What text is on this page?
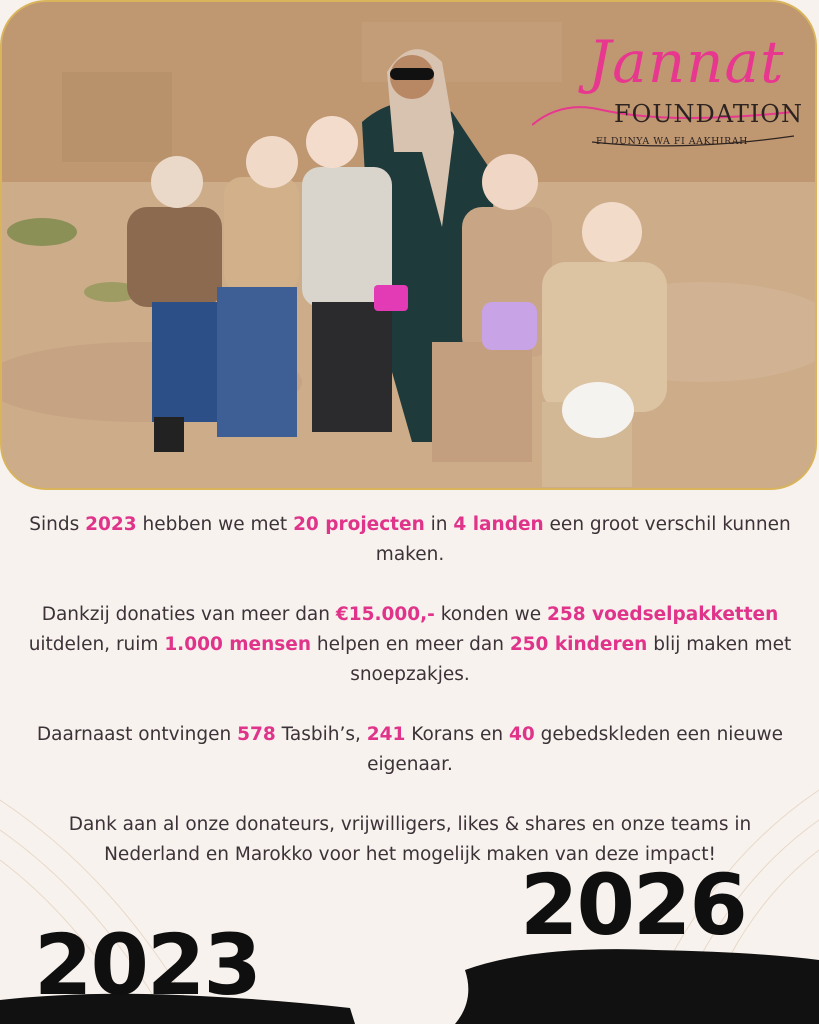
Jannat
FOUNDATION
FI DUNYA WA FI AAKHIRAH

Sinds 2023 hebben we met 20 projecten in 4 landen een groot verschil kunnen maken.

Dankzij donaties van meer dan €15.000,- konden we 258 voedselpakketten uitdelen, ruim 1.000 mensen helpen en meer dan 250 kinderen blij maken met snoepzakjes.

Daarnaast ontvingen 578 Tasbih’s, 241 Korans en 40 gebedskleden een nieuwe eigenaar.

Dank aan al onze donateurs, vrijwilligers, likes & shares en onze teams in Nederland en Marokko voor het mogelijk maken van deze impact!

2026
2023
